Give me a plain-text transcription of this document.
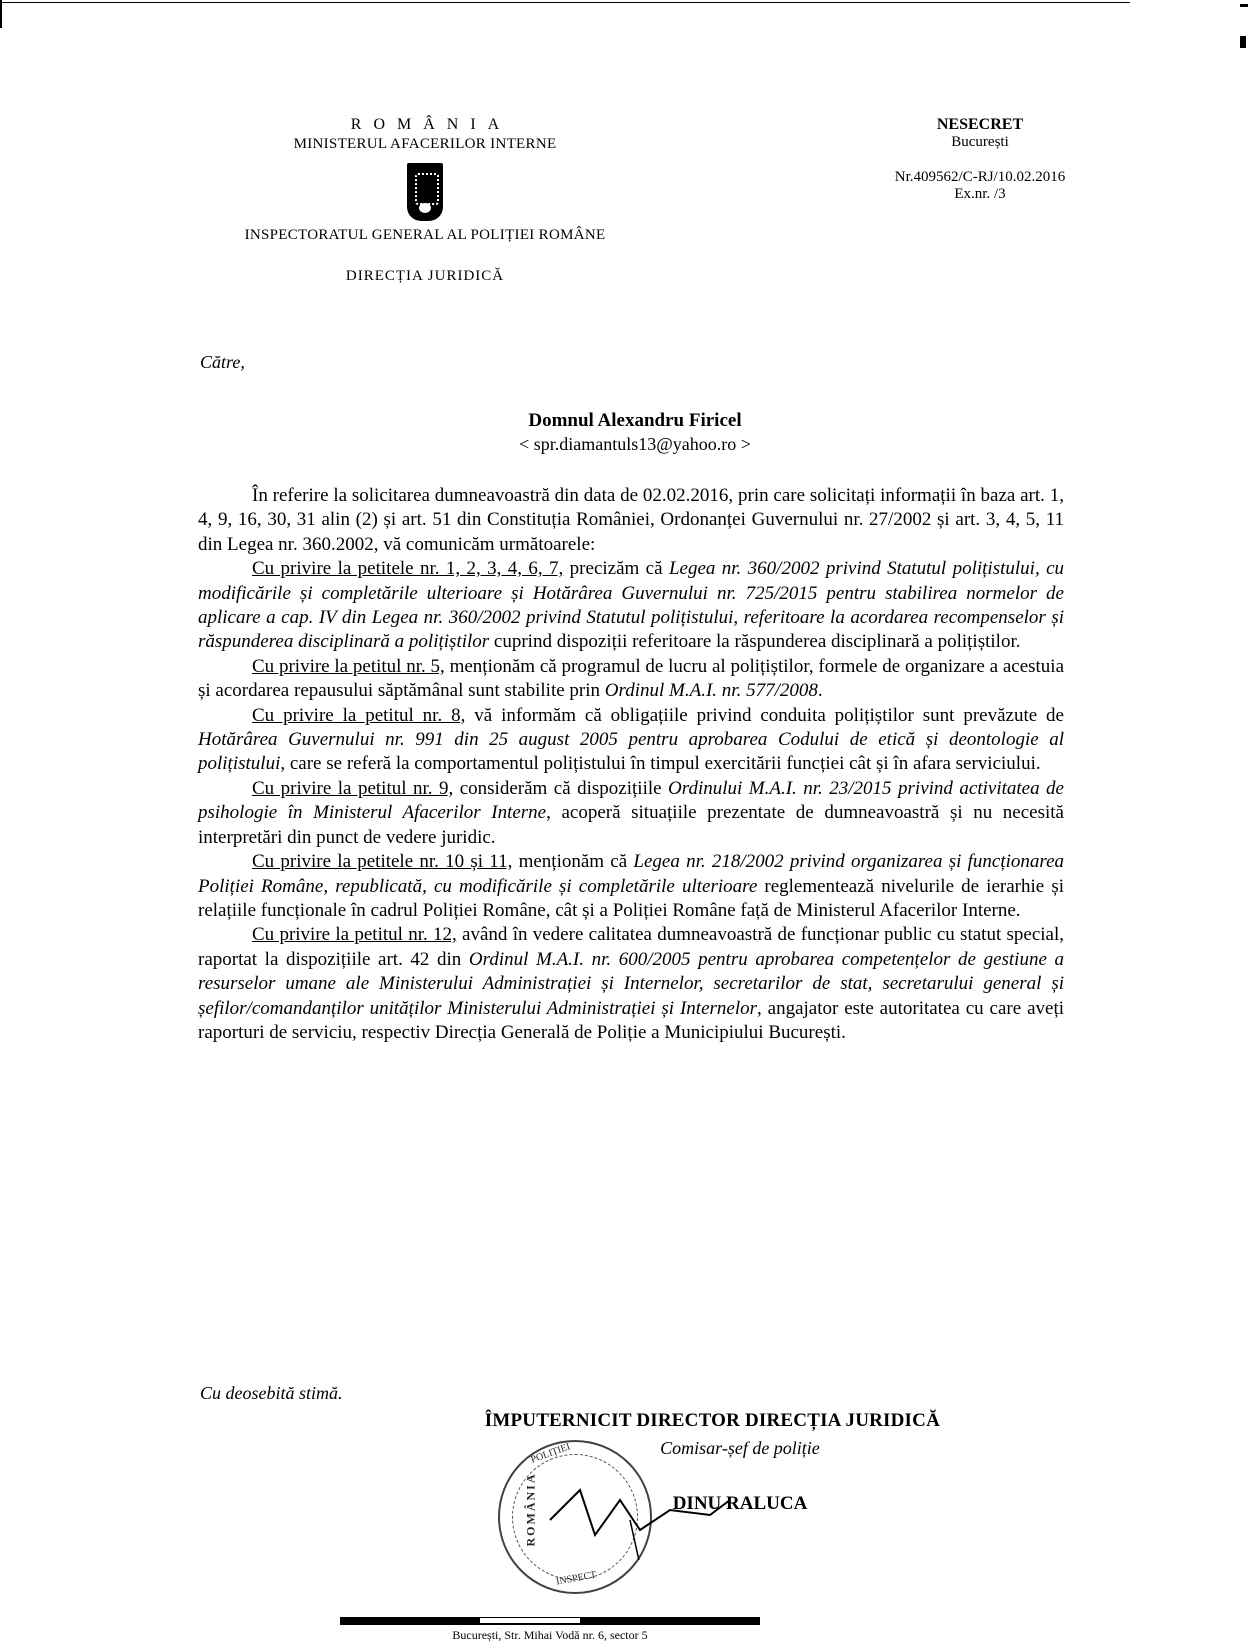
ROMÂNIA
MINISTERUL AFACERILOR INTERNE
INSPECTORATUL GENERAL AL POLIȚIEI ROMÂNE
DIRECȚIA JURIDICĂ
NESECRET
București
Nr.409562/C-RJ/10.02.2016
Ex.nr. /3
Către,
Domnul Alexandru Firicel
< spr.diamantuls13@yahoo.ro >

În referire la solicitarea dumneavoastră din data de 02.02.2016, prin care solicitați informații în baza art. 1, 4, 9, 16, 30, 31 alin (2) și art. 51 din Constituția României, Ordonanței Guvernului nr. 27/2002 și art. 3, 4, 5, 11 din Legea nr. 360.2002, vă comunicăm următoarele:

Cu privire la petitele nr. 1, 2, 3, 4, 6, 7, precizăm că Legea nr. 360/2002 privind Statutul polițistului, cu modificările și completările ulterioare și Hotărârea Guvernului nr. 725/2015 pentru stabilirea normelor de aplicare a cap. IV din Legea nr. 360/2002 privind Statutul polițistului, referitoare la acordarea recompenselor și răspunderea disciplinară a polițiștilor cuprind dispoziții referitoare la răspunderea disciplinară a polițiștilor.

Cu privire la petitul nr. 5, menționăm că programul de lucru al polițiștilor, formele de organizare a acestuia și acordarea repausului săptămânal sunt stabilite prin Ordinul M.A.I. nr. 577/2008.

Cu privire la petitul nr. 8, vă informăm că obligațiile privind conduita polițiștilor sunt prevăzute de Hotărârea Guvernului nr. 991 din 25 august 2005 pentru aprobarea Codului de etică și deontologie al polițistului, care se referă la comportamentul polițistului în timpul exercitării funcției cât și în afara serviciului.

Cu privire la petitul nr. 9, considerăm că dispozițiile Ordinului M.A.I. nr. 23/2015 privind activitatea de psihologie în Ministerul Afacerilor Interne, acoperă situațiile prezentate de dumneavoastră și nu necesită interpretări din punct de vedere juridic.

Cu privire la petitele nr. 10 și 11, menționăm că Legea nr. 218/2002 privind organizarea și funcționarea Poliției Române, republicată, cu modificările și completările ulterioare reglementează nivelurile de ierarhie și relațiile funcționale în cadrul Poliției Române, cât și a Poliției Române față de Ministerul Afacerilor Interne.

Cu privire la petitul nr. 12, având în vedere calitatea dumneavoastră de funcționar public cu statut special, raportat la dispozițiile art. 42 din Ordinul M.A.I. nr. 600/2005 pentru aprobarea competențelor de gestiune a resurselor umane ale Ministerului Administrației și Internelor, secretarilor de stat, secretarului general și șefilor/comandanților unităților Ministerului Administrației și Internelor, angajator este autoritatea cu care aveți raporturi de serviciu, respectiv Direcția Generală de Poliție a Municipiului București.

Cu deosebită stimă.
POLIȚIEI
ROMÂNIA
INSPECT
ÎMPUTERNICIT DIRECTOR DIRECȚIA JURIDICĂ
Comisar-șef de poliție
DINU RALUCA
București, Str. Mihai Vodă nr. 6, sector 5
